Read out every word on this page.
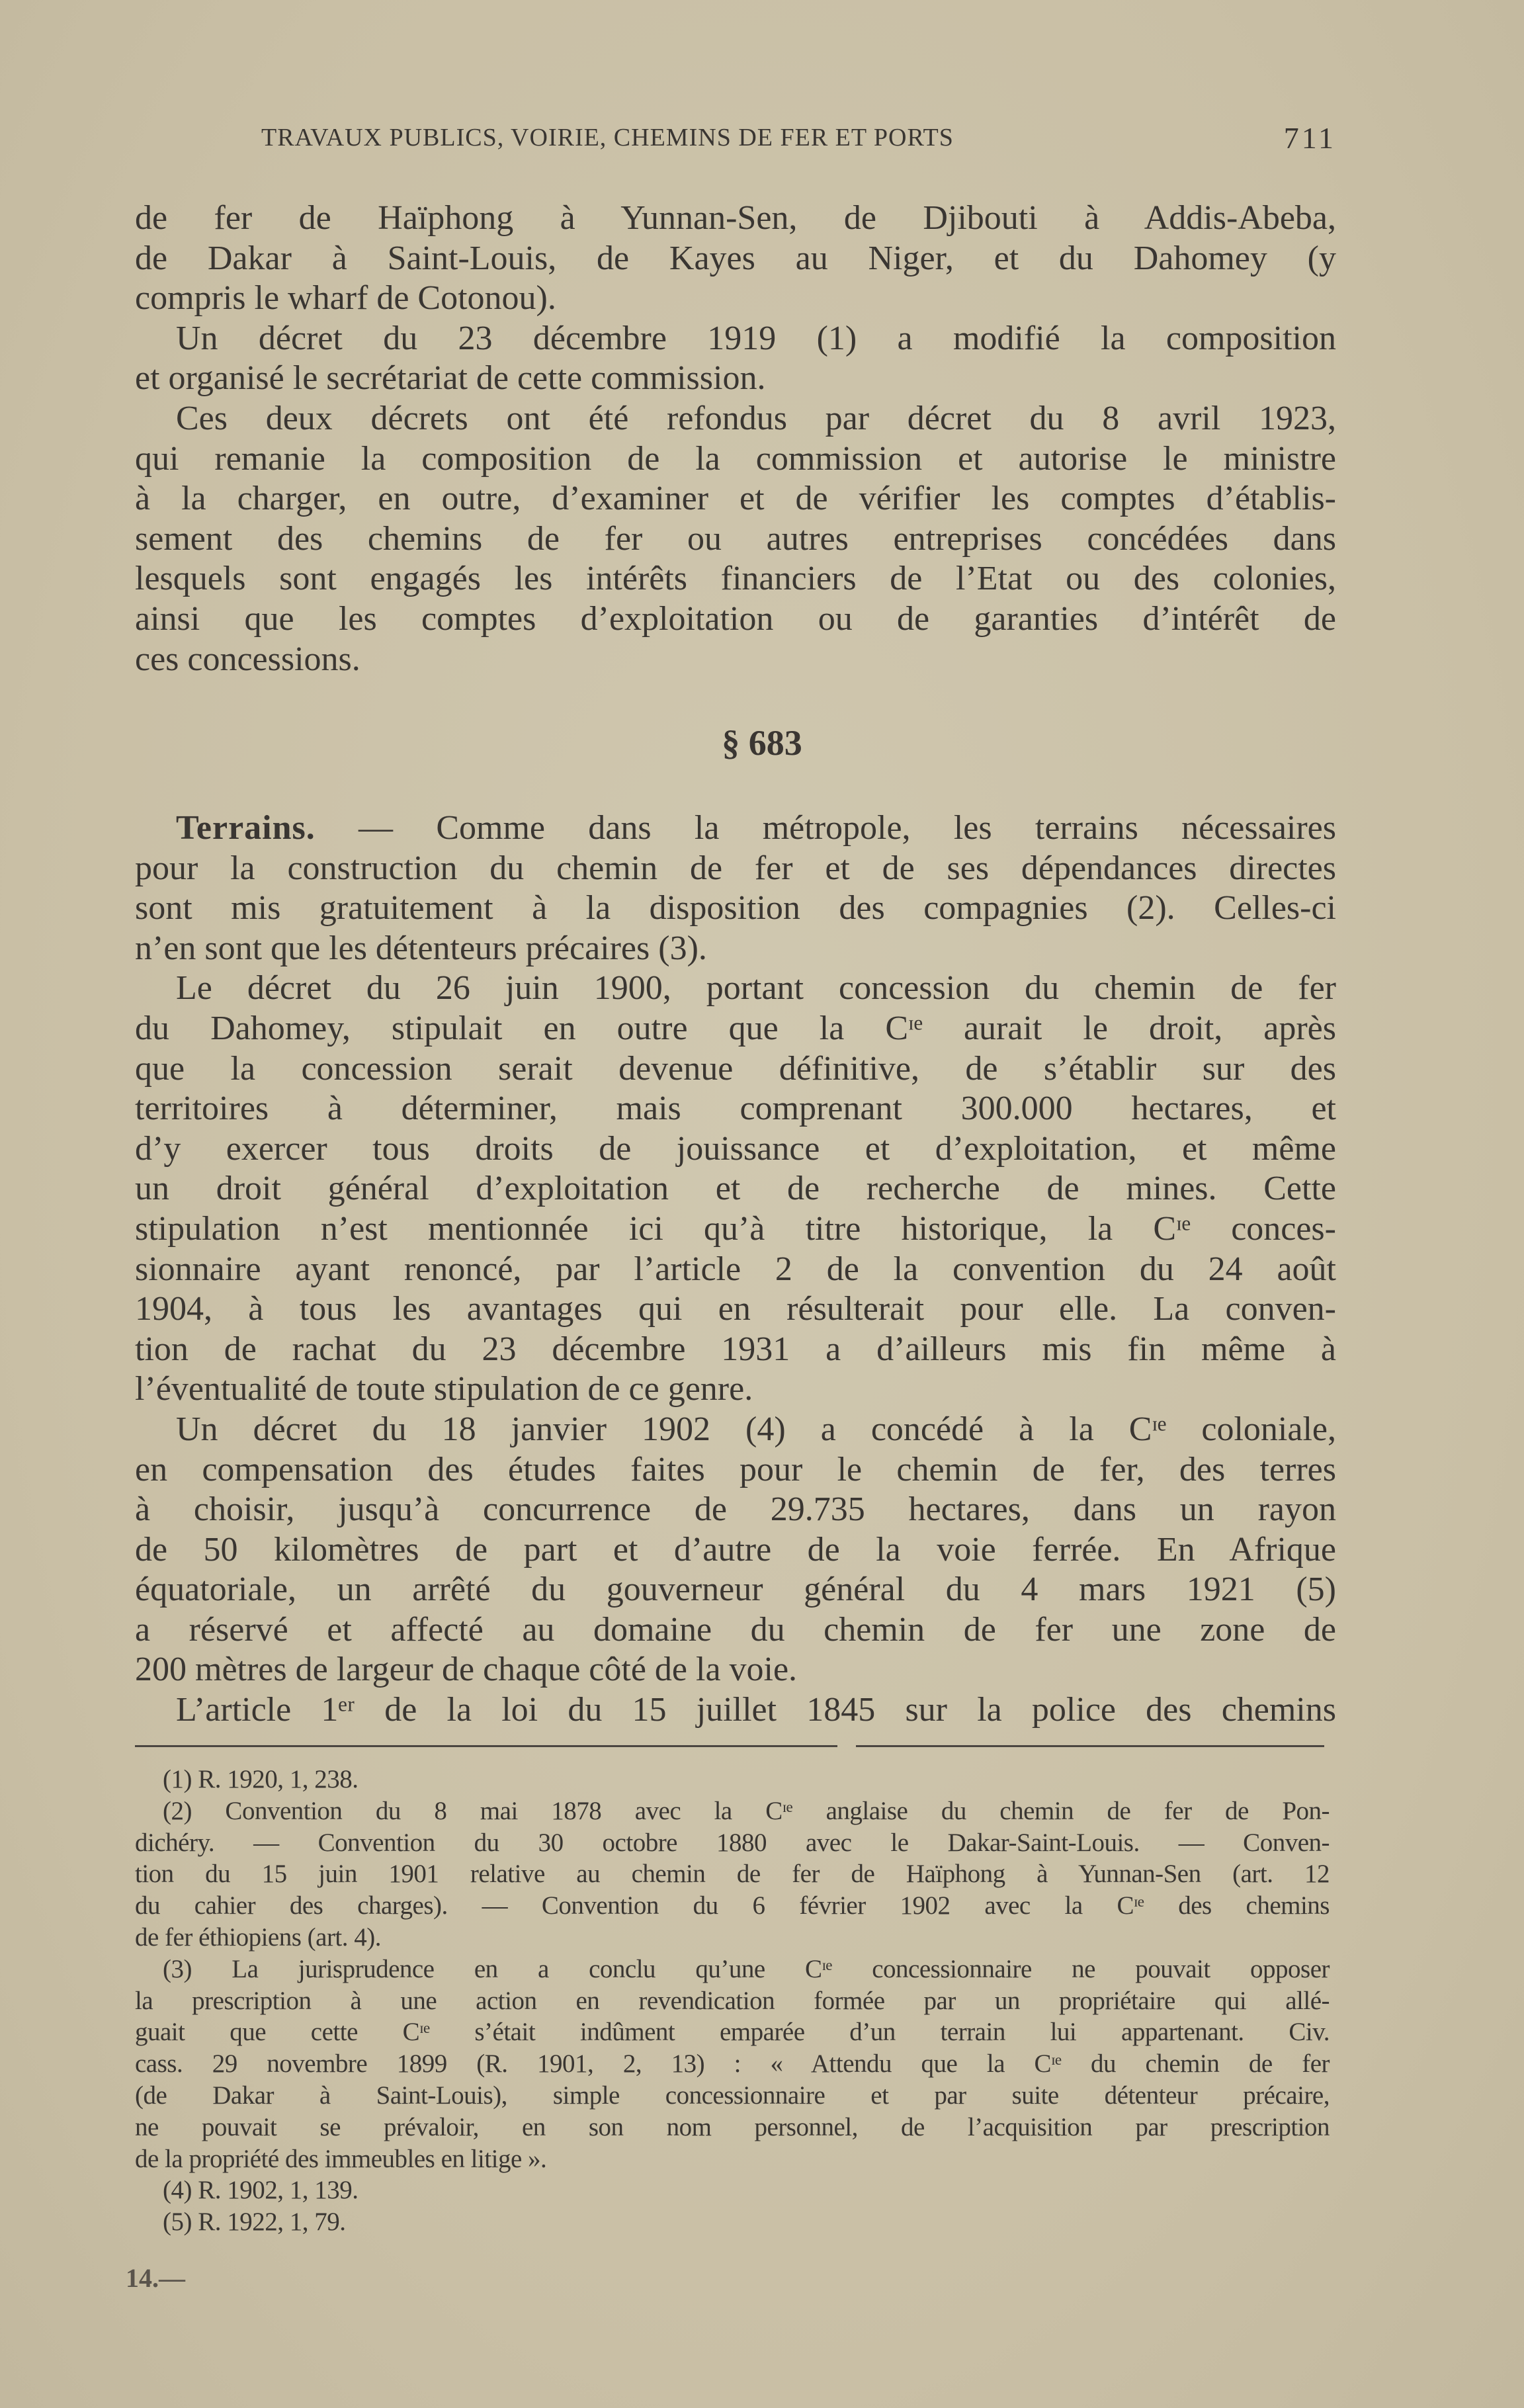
TRAVAUX PUBLICS, VOIRIE, CHEMINS DE FER ET PORTS	711
de fer de Haïphong à Yunnan-Sen, de Djibouti à Addis-Abeba,
de Dakar à Saint-Louis, de Kayes au Niger, et du Dahomey (y
compris le wharf de Cotonou).
Un décret du 23 décembre 1919 (1) a modifié la composition
et organisé le secrétariat de cette commission.
Ces deux décrets ont été refondus par décret du 8 avril 1923,
qui remanie la composition de la commission et autorise le ministre
à la charger, en outre, d’examiner et de vérifier les comptes d’établis-
sement des chemins de fer ou autres entreprises concédées dans
lesquels sont engagés les intérêts financiers de l’Etat ou des colonies,
ainsi que les comptes d’exploitation ou de garanties d’intérêt de
ces concessions.
§ 683
Terrains. — Comme dans la métropole, les terrains nécessaires
pour la construction du chemin de fer et de ses dépendances directes
sont mis gratuitement à la disposition des compagnies (2). Celles-ci
n’en sont que les détenteurs précaires (3).
Le décret du 26 juin 1900, portant concession du chemin de fer
du Dahomey, stipulait en outre que la Cᶦᵉ aurait le droit, après
que la concession serait devenue définitive, de s’établir sur des
territoires à déterminer, mais comprenant 300.000 hectares, et
d’y exercer tous droits de jouissance et d’exploitation, et même
un droit général d’exploitation et de recherche de mines. Cette
stipulation n’est mentionnée ici qu’à titre historique, la Cᶦᵉ conces-
sionnaire ayant renoncé, par l’article 2 de la convention du 24 août
1904, à tous les avantages qui en résulterait pour elle. La conven-
tion de rachat du 23 décembre 1931 a d’ailleurs mis fin même à
l’éventualité de toute stipulation de ce genre.
Un décret du 18 janvier 1902 (4) a concédé à la Cᶦᵉ coloniale,
en compensation des études faites pour le chemin de fer, des terres
à choisir, jusqu’à concurrence de 29.735 hectares, dans un rayon
de 50 kilomètres de part et d’autre de la voie ferrée. En Afrique
équatoriale, un arrêté du gouverneur général du 4 mars 1921 (5)
a réservé et affecté au domaine du chemin de fer une zone de
200 mètres de largeur de chaque côté de la voie.
L’article 1ᵉʳ de la loi du 15 juillet 1845 sur la police des chemins
(1) R. 1920, 1, 238.
(2) Convention du 8 mai 1878 avec la Cᶦᵉ anglaise du chemin de fer de Pon-
dichéry. — Convention du 30 octobre 1880 avec le Dakar-Saint-Louis. — Conven-
tion du 15 juin 1901 relative au chemin de fer de Haïphong à Yunnan-Sen (art. 12
du cahier des charges). — Convention du 6 février 1902 avec la Cᶦᵉ des chemins
de fer éthiopiens (art. 4).
(3) La jurisprudence en a conclu qu’une Cᶦᵉ concessionnaire ne pouvait opposer
la prescription à une action en revendication formée par un propriétaire qui allé-
guait que cette Cᶦᵉ s’était indûment emparée d’un terrain lui appartenant. Civ.
cass. 29 novembre 1899 (R. 1901, 2, 13) : « Attendu que la Cᶦᵉ du chemin de fer
(de Dakar à Saint-Louis), simple concessionnaire et par suite détenteur précaire,
ne pouvait se prévaloir, en son nom personnel, de l’acquisition par prescription
de la propriété des immeubles en litige ».
(4) R. 1902, 1, 139.
(5) R. 1922, 1, 79.
14.—
